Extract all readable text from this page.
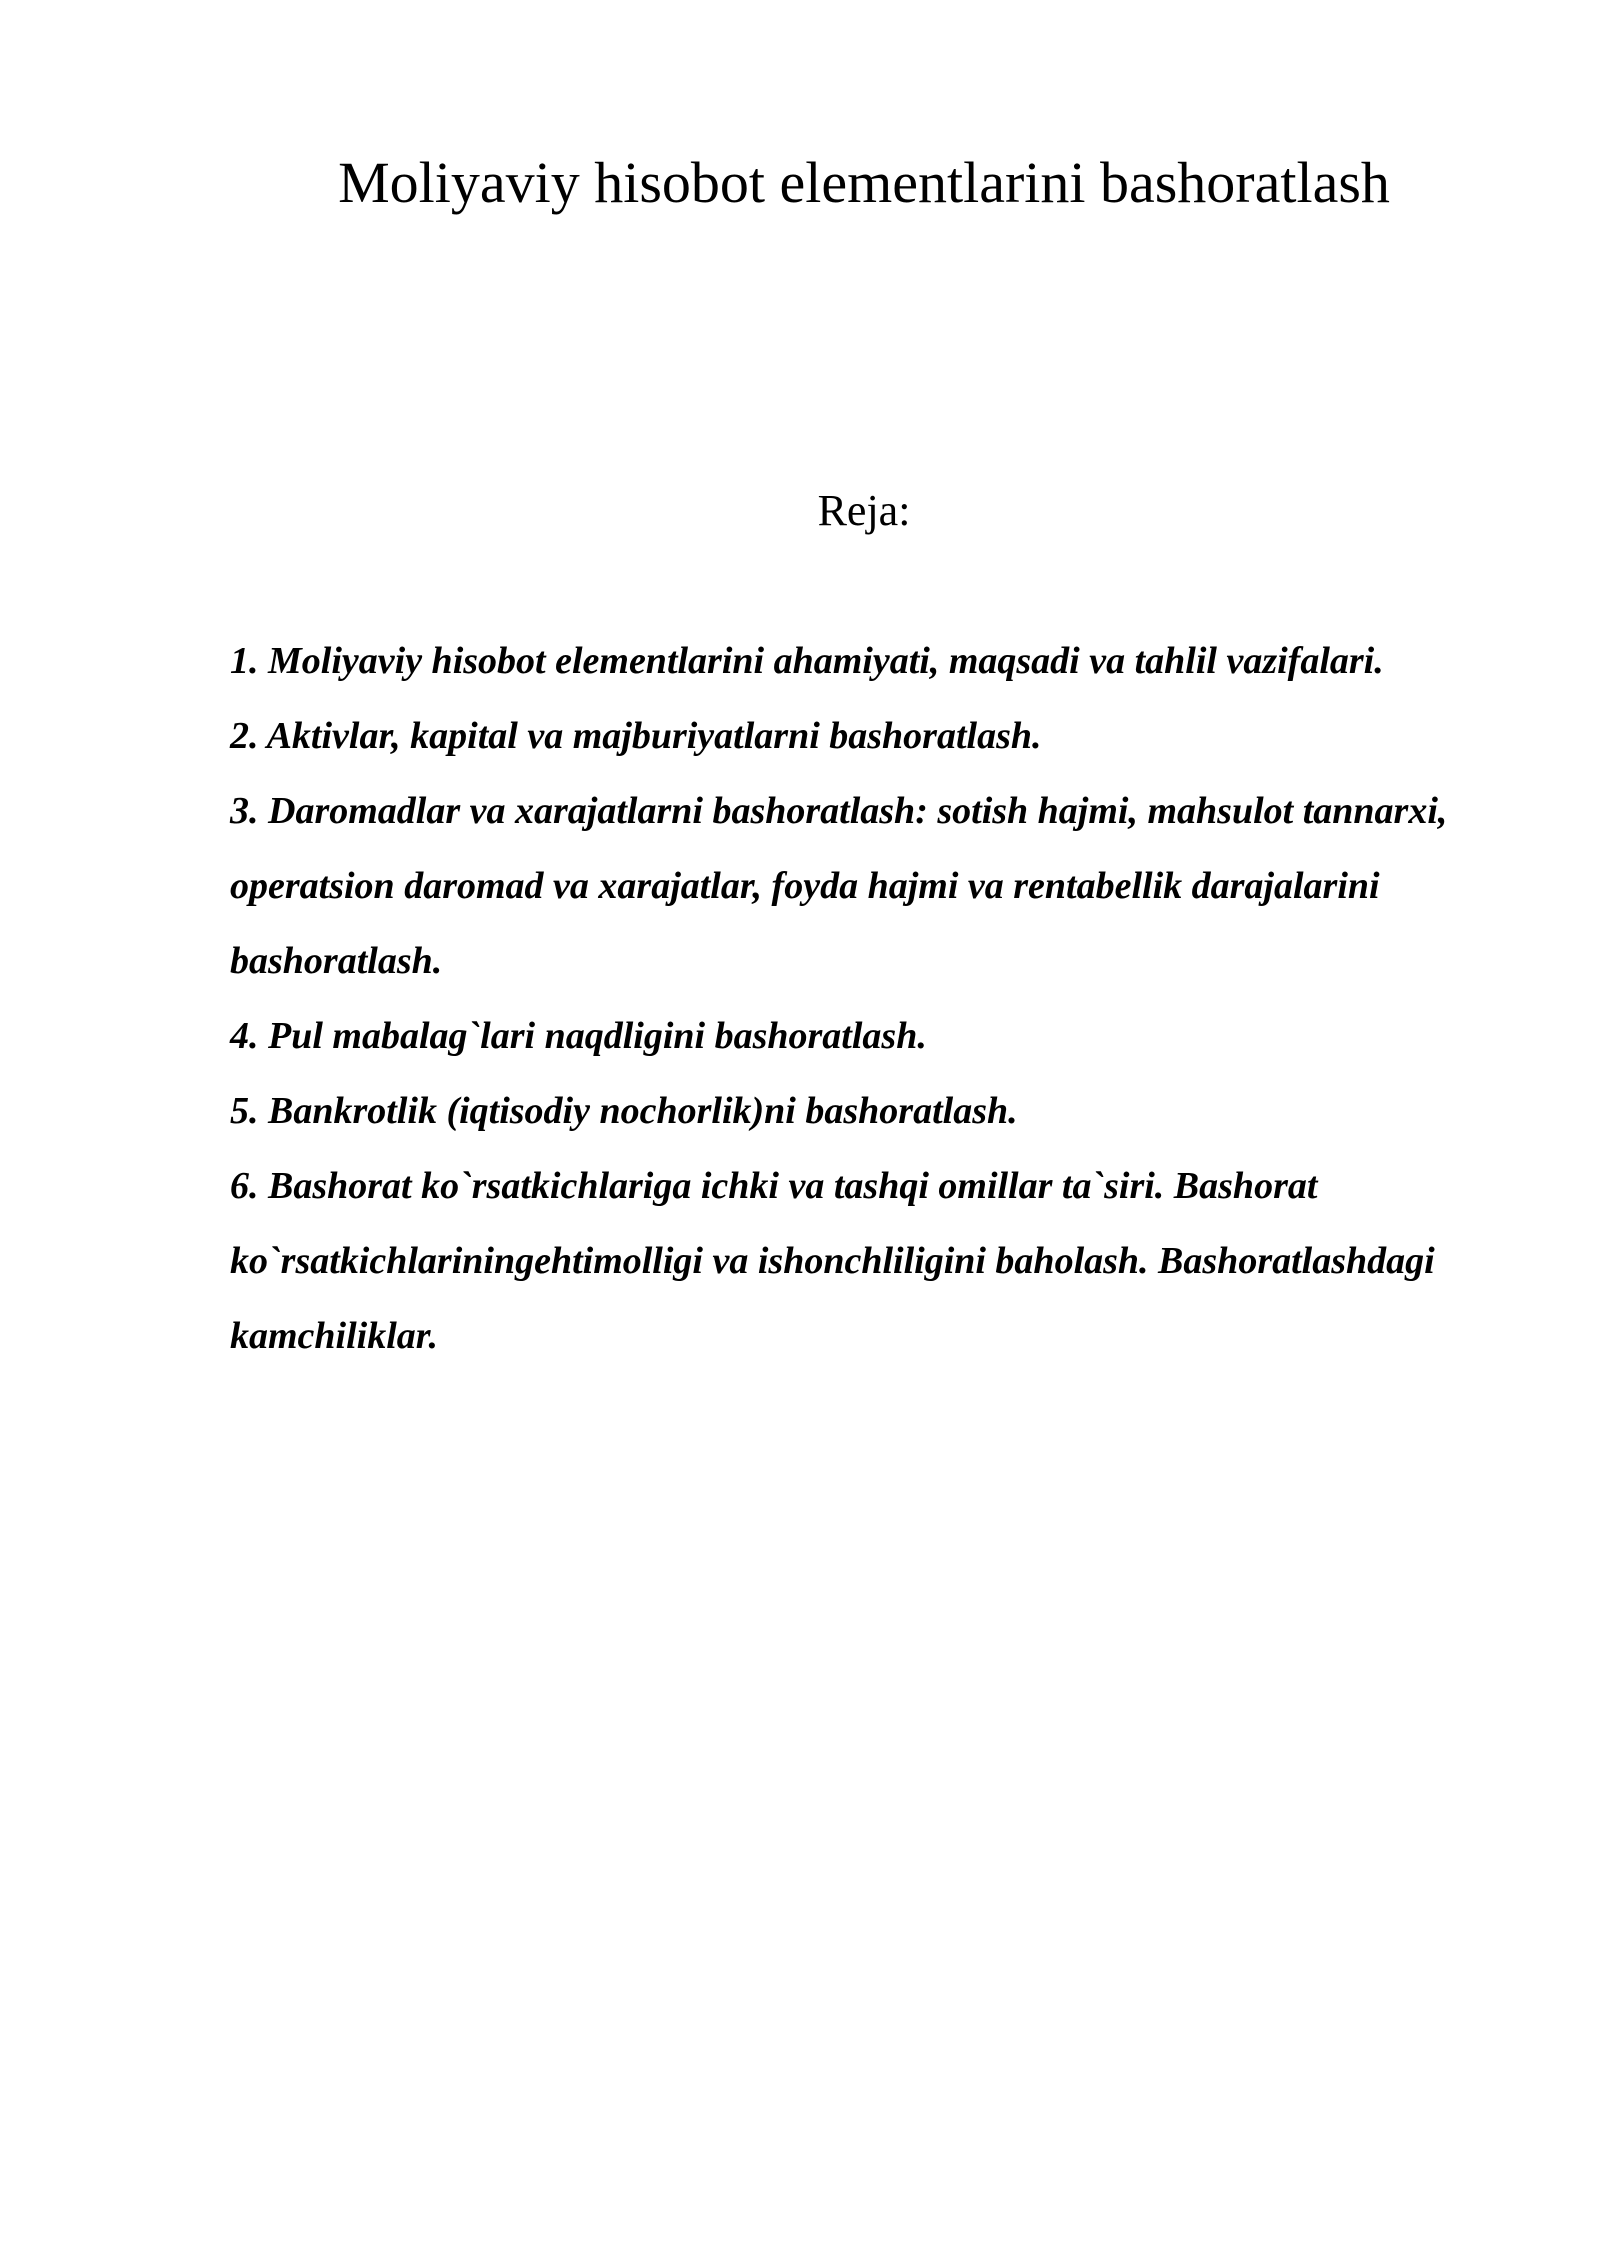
Moliyaviy hisobot elementlarini bashoratlash
Reja:
1. Moliyaviy hisobot elementlarini ahamiyati, maqsadi va tahlil vazifalari.
2. Aktivlar, kapital va majburiyatlarni bashoratlash.
3. Daromadlar va xarajatlarni bashoratlash: sotish hajmi, mahsulot tannarxi, operatsion daromad va xarajatlar, foyda hajmi va rentabellik darajalarini bashoratlash.
4. Pul mabalag`lari naqdligini bashoratlash.
5. Bankrotlik (iqtisodiy nochorlik)ni bashoratlash.
6. Bashorat ko`rsatkichlariga ichki va tashqi omillar ta`siri. Bashorat ko`rsatkichlariningehtimolligi va ishonchliligini baholash. Bashoratlashdagi kamchiliklar.
